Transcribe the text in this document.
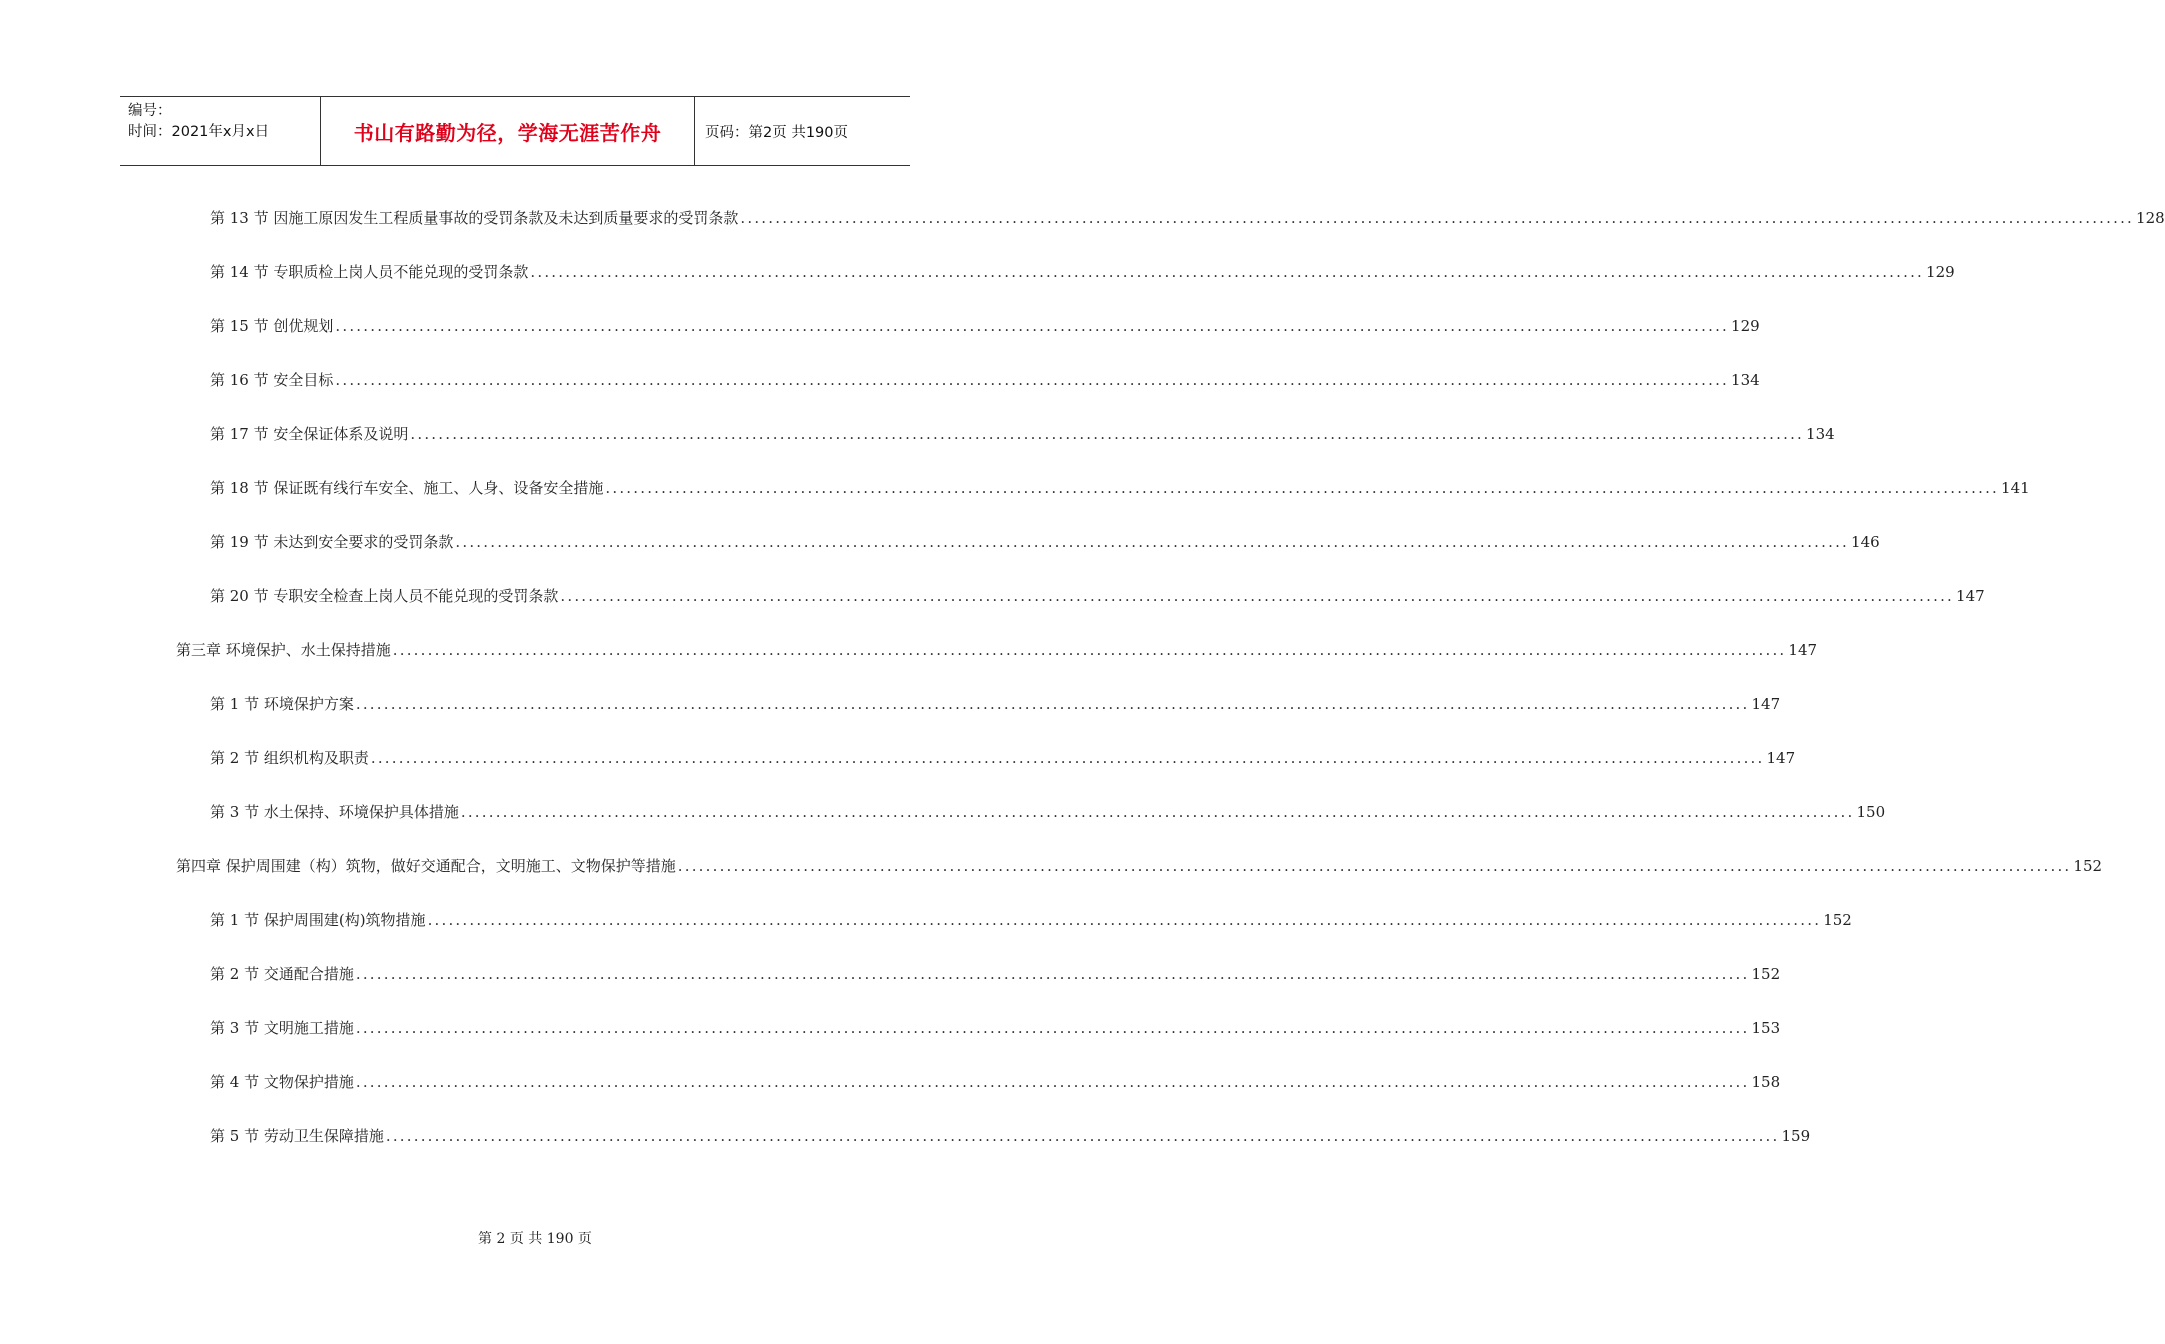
编号：
时间：2021年x月x日	书山有路勤为径，学海无涯苦作舟	页码：第2页 共190页
第 13 节 因施工原因发生工程质量事故的受罚条款及未达到质量要求的受罚条款 ........................................................................................................................................................................................................ 128
第 14 节 专职质检上岗人员不能兑现的受罚条款 ........................................................................................................................................................................................................ 129
第 15 节 创优规划 ........................................................................................................................................................................................................ 129
第 16 节 安全目标 ........................................................................................................................................................................................................ 134
第 17 节 安全保证体系及说明 ........................................................................................................................................................................................................ 134
第 18 节 保证既有线行车安全、施工、人身、设备安全措施 ........................................................................................................................................................................................................ 141
第 19 节 未达到安全要求的受罚条款 ........................................................................................................................................................................................................ 146
第 20 节 专职安全检查上岗人员不能兑现的受罚条款 ........................................................................................................................................................................................................ 147
第三章 环境保护、水土保持措施 ........................................................................................................................................................................................................ 147
第 1 节 环境保护方案 ........................................................................................................................................................................................................ 147
第 2 节 组织机构及职责 ........................................................................................................................................................................................................ 147
第 3 节 水土保持、环境保护具体措施 ........................................................................................................................................................................................................ 150
第四章 保护周围建（构）筑物，做好交通配合，文明施工、文物保护等措施 ........................................................................................................................................................................................................ 152
第 1 节 保护周围建(构)筑物措施 ........................................................................................................................................................................................................ 152
第 2 节 交通配合措施 ........................................................................................................................................................................................................ 152
第 3 节 文明施工措施 ........................................................................................................................................................................................................ 153
第 4 节 文物保护措施 ........................................................................................................................................................................................................ 158
第 5 节 劳动卫生保障措施 ........................................................................................................................................................................................................ 159
第 2 页 共 190 页
